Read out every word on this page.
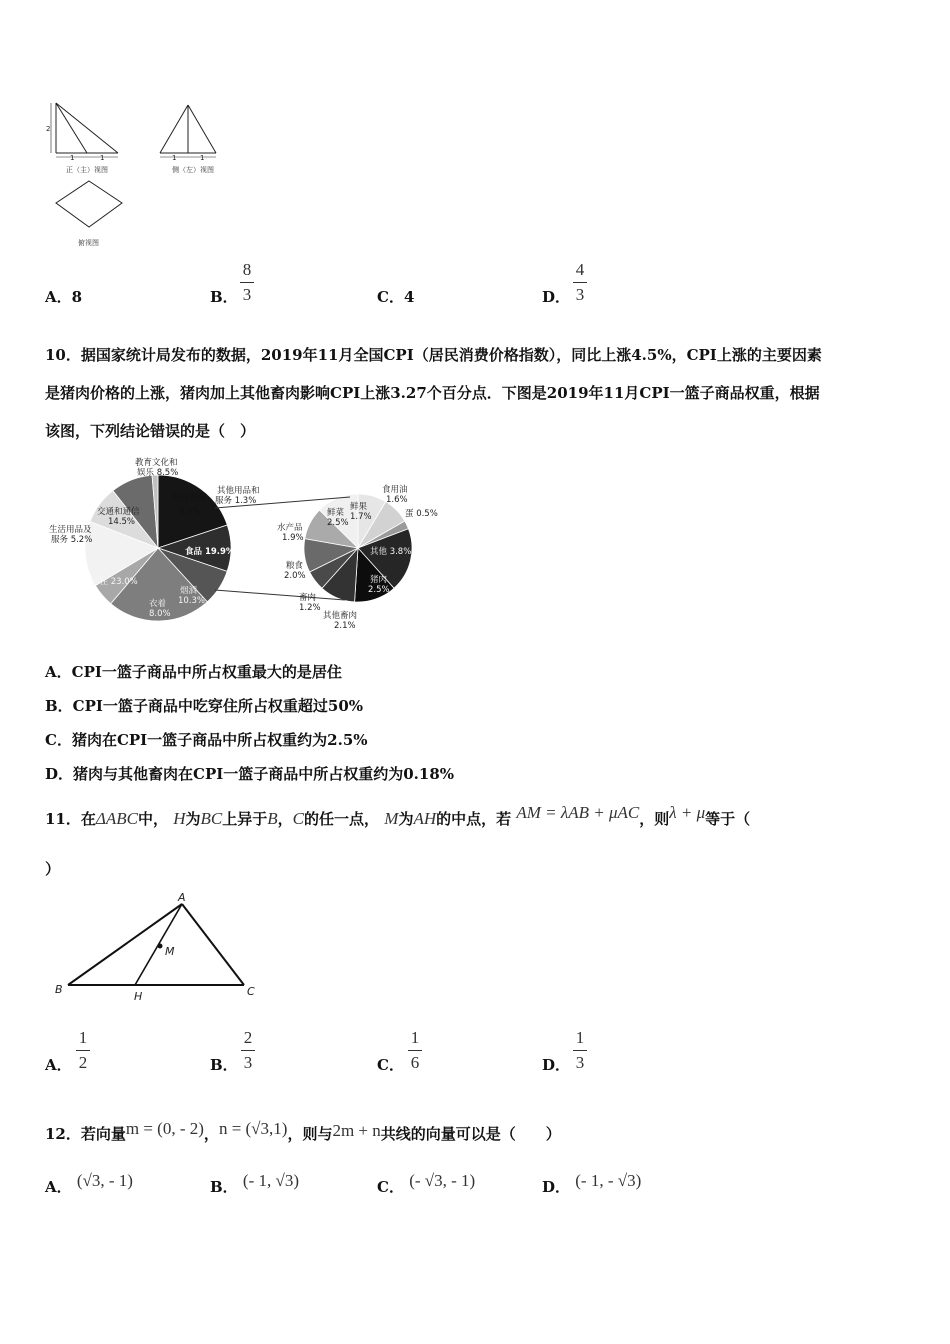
2
1	1
正（主）视图
1	1
侧（左）视图
俯视图
A．8	B．
8
3	C．4	D．
4
3
10．据国家统计局发布的数据，2019年11月全国CPI（居民消费价格指数），同比上涨4.5%，CPI上涨的主要因素
是猪肉价格的上涨，猪肉加上其他畜肉影响CPI上涨3.27个百分点．下图是2019年11月CPI一篮子商品权重，根据
该图，下列结论错误的是（　）
教育文化和
娱乐 8.5%
其他用品和
服务 1.3%
医疗保健
9.3%
交通和通信
14.5%
生活用品及
服务 5.2%
食品 19.9%
居住 23.0%
衣着
8.0%
烟酒
10.3%
鲜果
1.7%
食用油
1.6%
鲜菜
2.5%
蛋 0.5%
水产品
1.9%
其他 3.8%
粮食
2.0%	猪肉
2.5%
畜肉
1.2%
其他畜肉
2.1%
A．CPI一篮子商品中所占权重最大的是居住
B．CPI一篮子商品中吃穿住所占权重超过50%
C．猪肉在CPI一篮子商品中所占权重约为2.5%
D．猪肉与其他畜肉在CPI一篮子商品中所占权重约为0.18%
11．在ΔABC中， H为BC上异于B，C的任一点， M为AH的中点，若 AM = λAB + μAC，则λ + μ等于（
）
A
B	C
H
M
A．
1
2	B．
2
3	C．
1
6	D．
1
3
12．若向量m = (0, - 2)，n = (√3,1)，则与2m + n共线的向量可以是（　　）
A． (√3, - 1)	B． (- 1, √3)	C． (- √3, - 1)	D． (- 1, - √3)
